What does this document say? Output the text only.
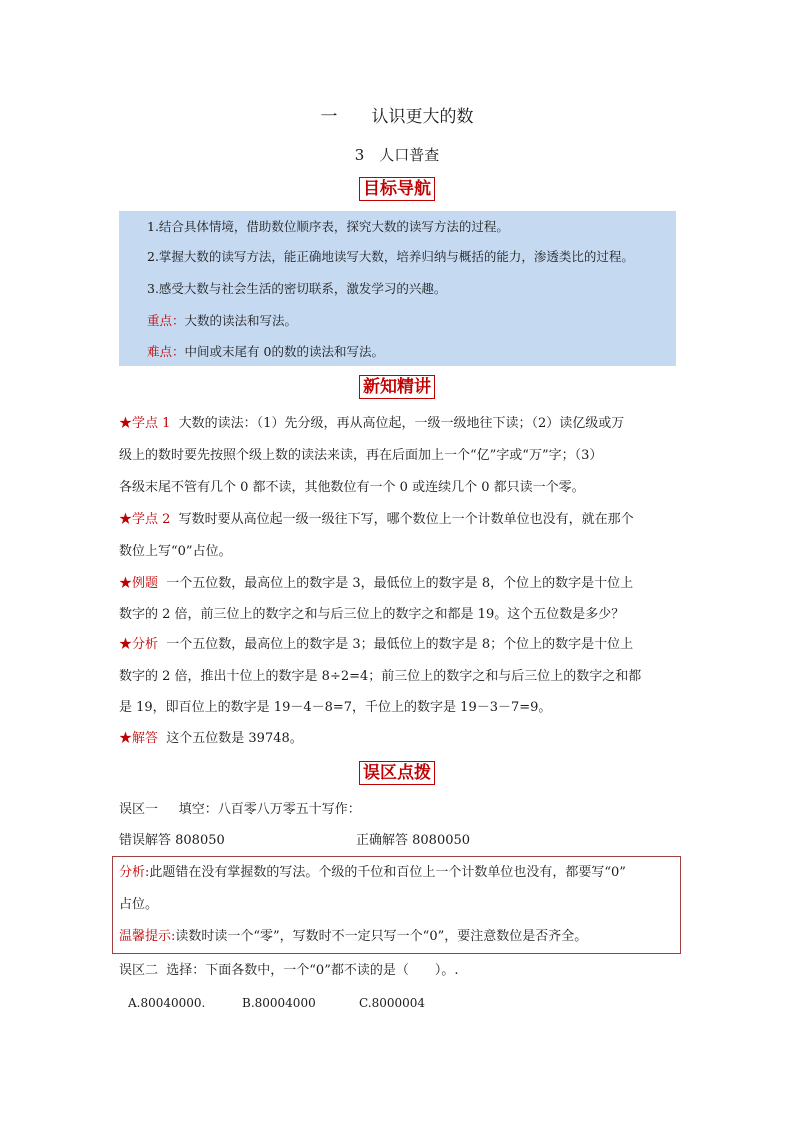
一　　认识更大的数
3　人口普查
目标导航
1.结合具体情境，借助数位顺序表，探究大数的读写方法的过程。
2.掌握大数的读写方法，能正确地读写大数，培养归纳与概括的能力，渗透类比的过程。
3.感受大数与社会生活的密切联系，激发学习的兴趣。
重点：大数的读法和写法。
难点：中间或末尾有 0的数的读法和写法。
新知精讲
★学点 1 大数的读法：（1）先分级，再从高位起，一级一级地往下读；（2）读亿级或万
级上的数时要先按照个级上数的读法来读，再在后面加上一个“亿”字或“万”字；（3）
各级末尾不管有几个 0 都不读，其他数位有一个 0 或连续几个 0 都只读一个零。
★学点 2 写数时要从高位起一级一级往下写，哪个数位上一个计数单位也没有，就在那个
数位上写“0”占位。
★例题 一个五位数，最高位上的数字是 3，最低位上的数字是 8，个位上的数字是十位上
数字的 2 倍，前三位上的数字之和与后三位上的数字之和都是 19。这个五位数是多少？
★分析 一个五位数，最高位上的数字是 3；最低位上的数字是 8；个位上的数字是十位上
数字的 2 倍，推出十位上的数字是 8÷2=4；前三位上的数字之和与后三位上的数字之和都
是 19，即百位上的数字是 19－4－8=7，千位上的数字是 19－3－7=9。
★解答 这个五位数是 39748。
误区点拨
误区一 填空：八百零八万零五十写作：
错误解答 808050	正确解答 8080050
分析:此题错在没有掌握数的写法。个级的千位和百位上一个计数单位也没有，都要写“0”
占位。
温馨提示:读数时读一个“零”，写数时不一定只写一个“0”，要注意数位是否齐全。
误区二 选择：下面各数中，一个“0”都不读的是（　　）。.
A.80040000.	B.80004000	C.8000004
